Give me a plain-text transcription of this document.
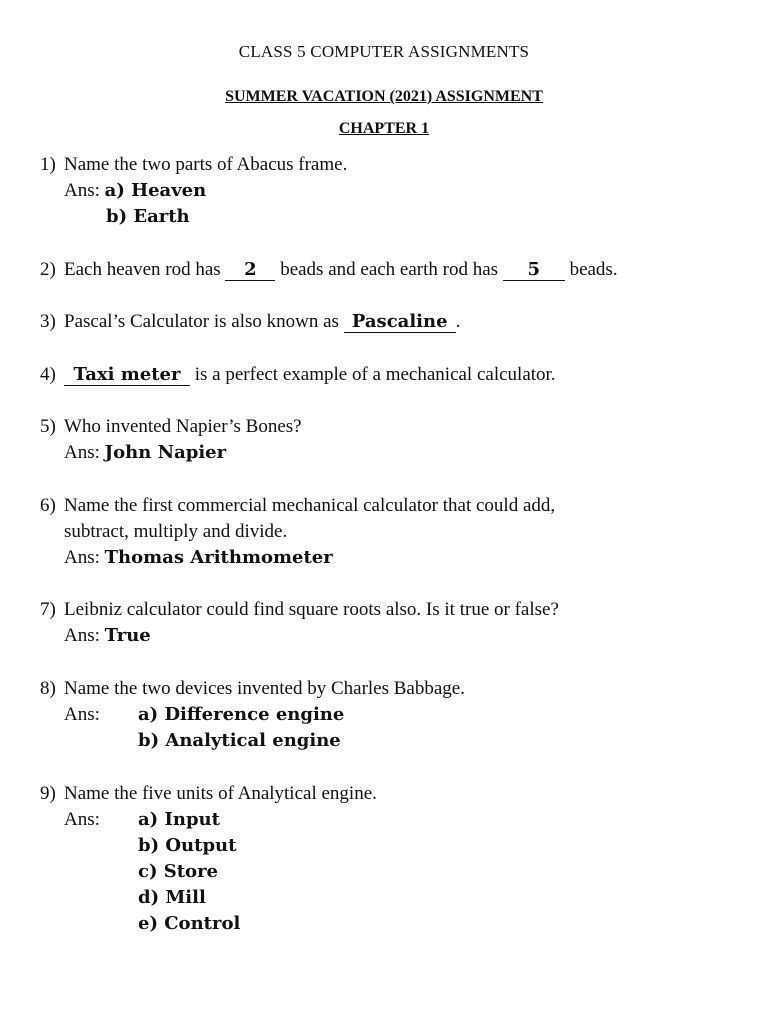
CLASS 5 COMPUTER ASSIGNMENTS
SUMMER VACATION (2021) ASSIGNMENT
CHAPTER 1
1) Name the two parts of Abacus frame.
Ans: a) Heaven
b) Earth
2) Each heaven rod has 2 beads and each earth rod has 5 beads.
3) Pascal’s Calculator is also known as Pascaline .
4) Taxi meter is a perfect example of a mechanical calculator.
5) Who invented Napier’s Bones?
Ans: John Napier
6) Name the first commercial mechanical calculator that could add,
subtract, multiply and divide.
Ans: Thomas Arithmometer
7) Leibniz calculator could find square roots also. Is it true or false?
Ans: True
8) Name the two devices invented by Charles Babbage.
Ans: a) Difference engine
b) Analytical engine
9) Name the five units of Analytical engine.
Ans: a) Input
b) Output
c) Store
d) Mill
e) Control
